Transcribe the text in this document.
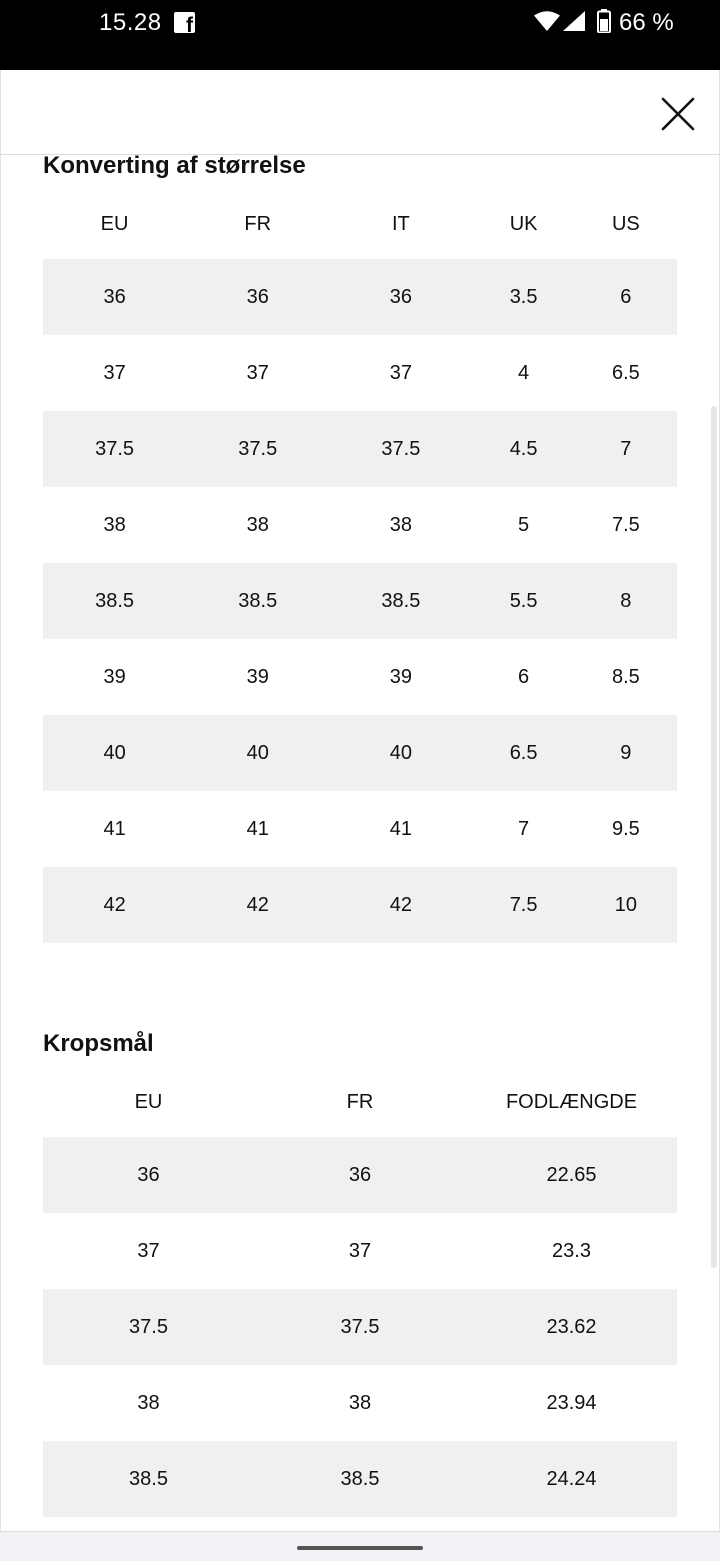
15.28 f	66 %
Konverting af størrelse
EU	FR	IT	UK	US
36	36	36	3.5	6
37	37	37	4	6.5
37.5	37.5	37.5	4.5	7
38	38	38	5	7.5
38.5	38.5	38.5	5.5	8
39	39	39	6	8.5
40	40	40	6.5	9
41	41	41	7	9.5
42	42	42	7.5	10
Kropsmål
EU	FR	FODLÆNGDE
36	36	22.65
37	37	23.3
37.5	37.5	23.62
38	38	23.94
38.5	38.5	24.24
